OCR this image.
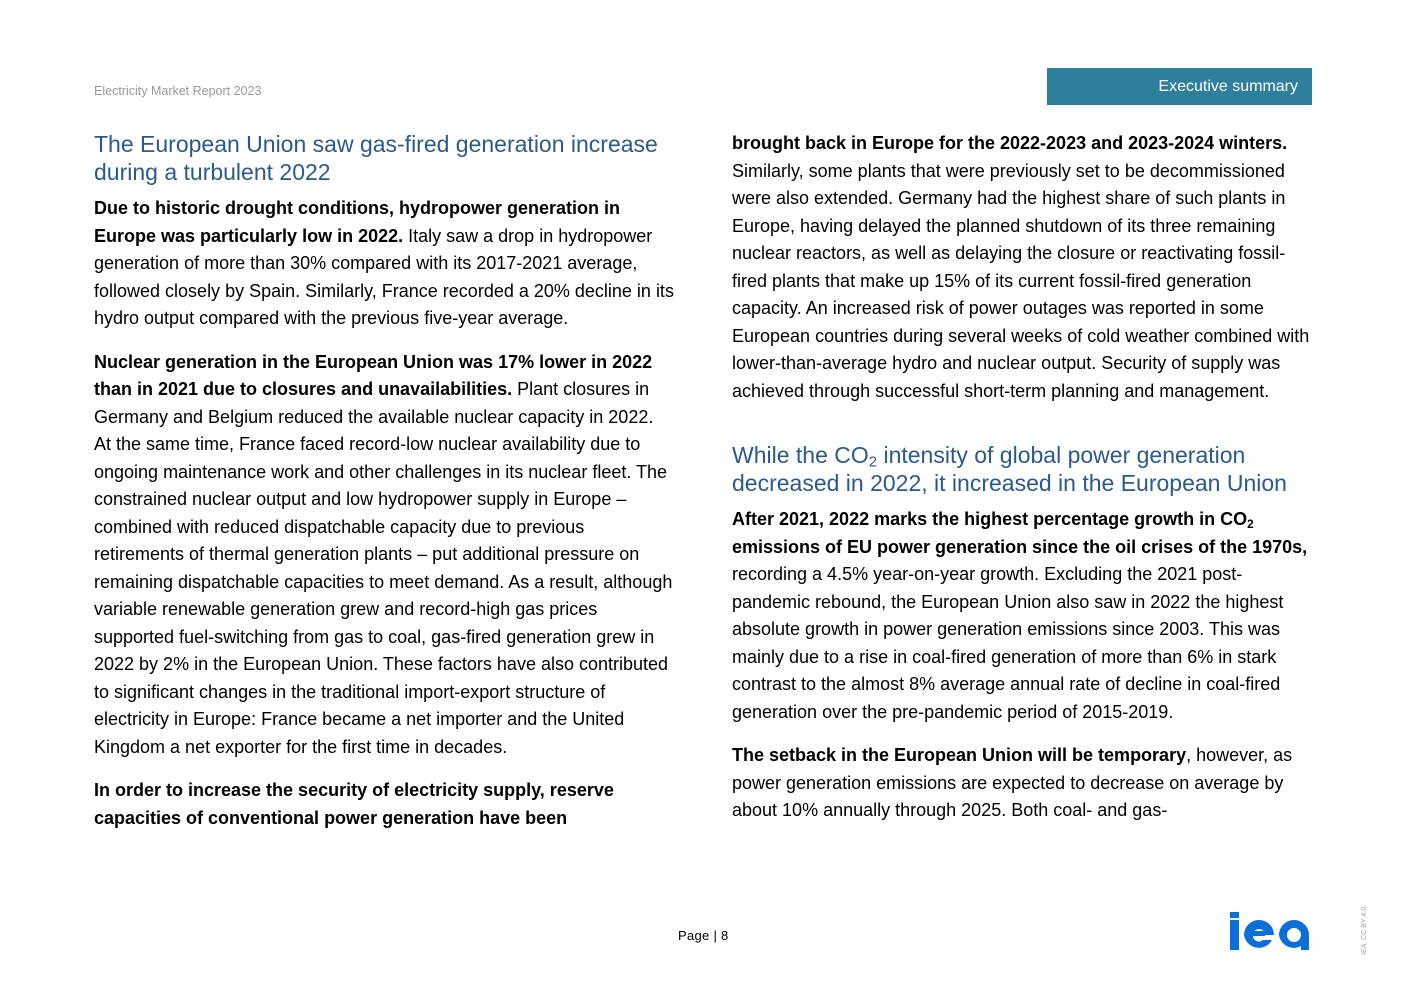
Electricity Market Report 2023	Executive summary
The European Union saw gas-fired generation increase during a turbulent 2022

Due to historic drought conditions, hydropower generation in Europe was particularly low in 2022. Italy saw a drop in hydropower generation of more than 30% compared with its 2017-2021 average, followed closely by Spain. Similarly, France recorded a 20% decline in its hydro output compared with the previous five-year average.

Nuclear generation in the European Union was 17% lower in 2022 than in 2021 due to closures and unavailabilities. Plant closures in Germany and Belgium reduced the available nuclear capacity in 2022. At the same time, France faced record-low nuclear availability due to ongoing maintenance work and other challenges in its nuclear fleet. The constrained nuclear output and low hydropower supply in Europe – combined with reduced dispatchable capacity due to previous retirements of thermal generation plants – put additional pressure on remaining dispatchable capacities to meet demand. As a result, although variable renewable generation grew and record-high gas prices supported fuel-switching from gas to coal, gas-fired generation grew in 2022 by 2% in the European Union. These factors have also contributed to significant changes in the traditional import-export structure of electricity in Europe: France became a net importer and the United Kingdom a net exporter for the first time in decades.

In order to increase the security of electricity supply, reserve capacities of conventional power generation have been

brought back in Europe for the 2022-2023 and 2023-2024 winters. Similarly, some plants that were previously set to be decommissioned were also extended. Germany had the highest share of such plants in Europe, having delayed the planned shutdown of its three remaining nuclear reactors, as well as delaying the closure or reactivating fossil-fired plants that make up 15% of its current fossil-fired generation capacity. An increased risk of power outages was reported in some European countries during several weeks of cold weather combined with lower-than-average hydro and nuclear output. Security of supply was achieved through successful short-term planning and management.

While the $CO_2$ intensity of global power generation decreased in 2022, it increased in the European Union

After 2021, 2022 marks the highest percentage growth in $CO_2$ emissions of EU power generation since the oil crises of the 1970s, recording a 4.5% year-on-year growth. Excluding the 2021 post-pandemic rebound, the European Union also saw in 2022 the highest absolute growth in power generation emissions since 2003. This was mainly due to a rise in coal-fired generation of more than 6% in stark contrast to the almost 8% average annual rate of decline in coal-fired generation over the pre-pandemic period of 2015-2019.

The setback in the European Union will be temporary, however, as power generation emissions are expected to decrease on average by about 10% annually through 2025. Both coal- and gas-

Page | 8	IEA. CC BY 4.0.
